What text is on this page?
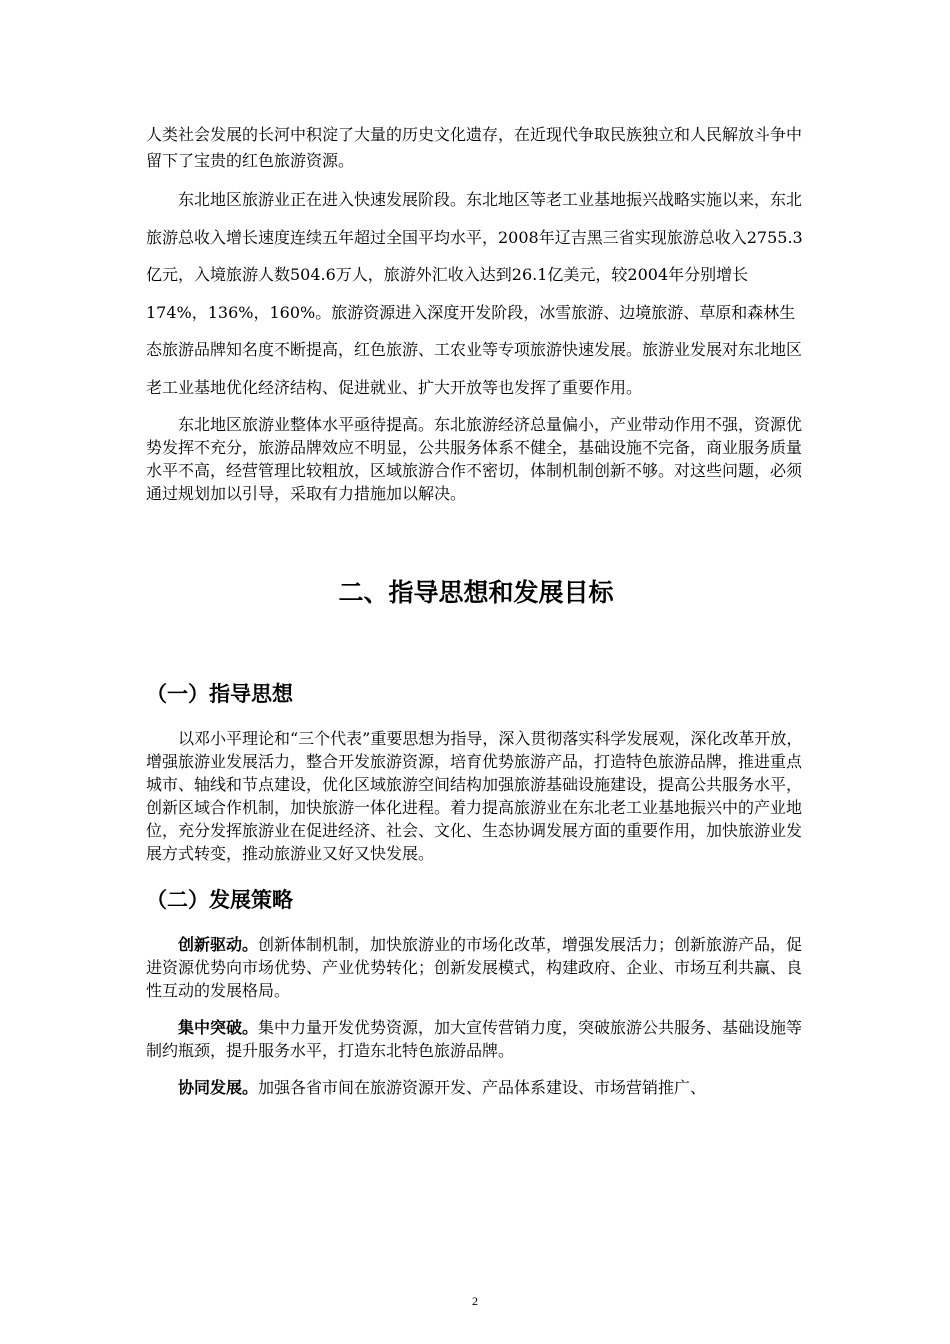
人类社会发展的长河中积淀了大量的历史文化遗存，在近现代争取民族独立和人民解放斗争中留下了宝贵的红色旅游资源。

东北地区旅游业正在进入快速发展阶段。东北地区等老工业基地振兴战略实施以来，东北旅游总收入增长速度连续五年超过全国平均水平，2008年辽吉黑三省实现旅游总收入2755.3亿元，入境旅游人数504.6万人，旅游外汇收入达到26.1亿美元，较2004年分别增长174%，136%，160%。旅游资源进入深度开发阶段，冰雪旅游、边境旅游、草原和森林生态旅游品牌知名度不断提高，红色旅游、工农业等专项旅游快速发展。旅游业发展对东北地区老工业基地优化经济结构、促进就业、扩大开放等也发挥了重要作用。

东北地区旅游业整体水平亟待提高。东北旅游经济总量偏小，产业带动作用不强，资源优势发挥不充分，旅游品牌效应不明显，公共服务体系不健全，基础设施不完备，商业服务质量水平不高，经营管理比较粗放，区域旅游合作不密切，体制机制创新不够。对这些问题，必须通过规划加以引导，采取有力措施加以解决。

二、指导思想和发展目标
（一）指导思想

以邓小平理论和“三个代表”重要思想为指导，深入贯彻落实科学发展观，深化改革开放，增强旅游业发展活力，整合开发旅游资源，培育优势旅游产品，打造特色旅游品牌，推进重点城市、轴线和节点建设，优化区域旅游空间结构加强旅游基础设施建设，提高公共服务水平，创新区域合作机制，加快旅游一体化进程。着力提高旅游业在东北老工业基地振兴中的产业地位，充分发挥旅游业在促进经济、社会、文化、生态协调发展方面的重要作用，加快旅游业发展方式转变，推动旅游业又好又快发展。

（二）发展策略

创新驱动。创新体制机制，加快旅游业的市场化改革，增强发展活力；创新旅游产品，促进资源优势向市场优势、产业优势转化；创新发展模式，构建政府、企业、市场互利共赢、良性互动的发展格局。

集中突破。集中力量开发优势资源，加大宣传营销力度，突破旅游公共服务、基础设施等制约瓶颈，提升服务水平，打造东北特色旅游品牌。

协同发展。加强各省市间在旅游资源开发、产品体系建设、市场营销推广、

2
